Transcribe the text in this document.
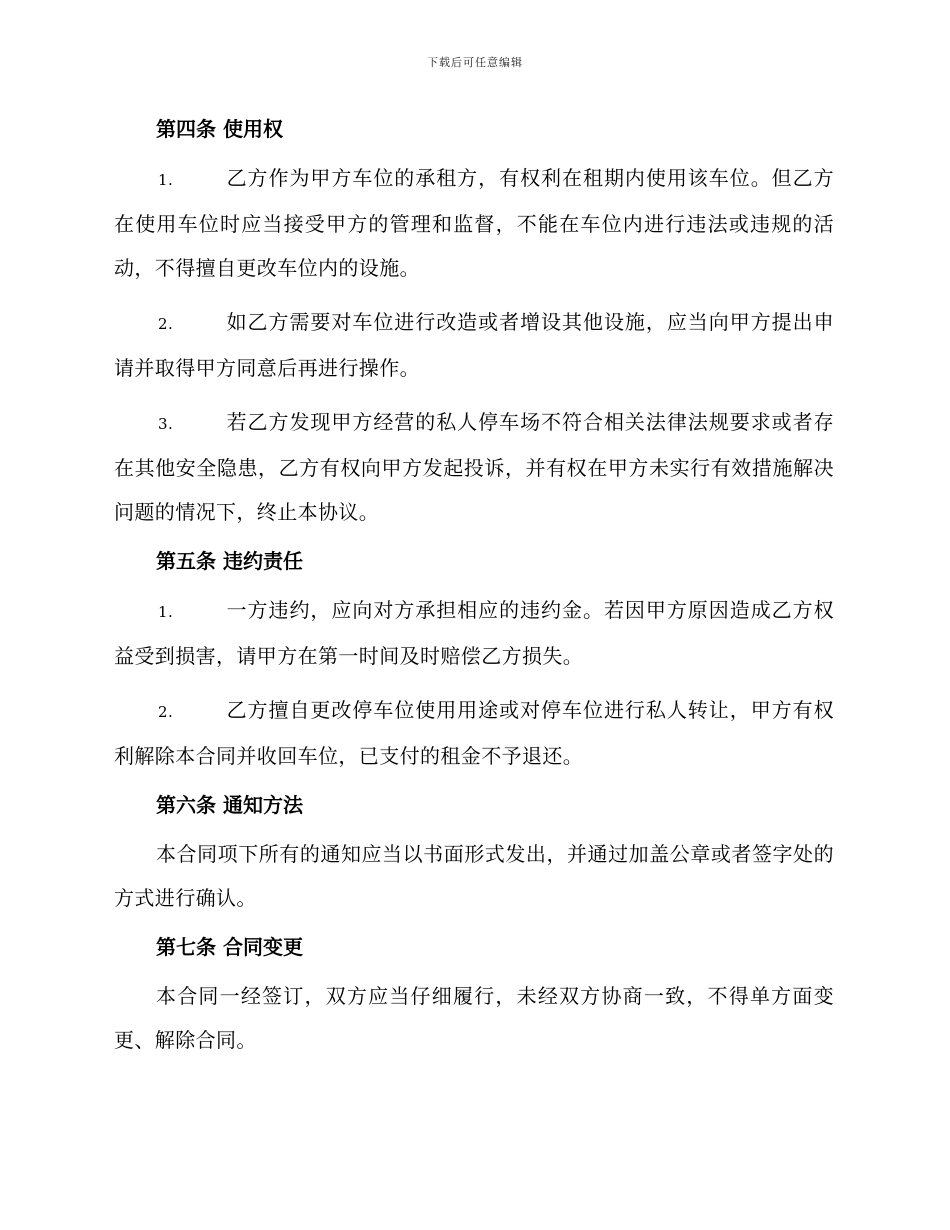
下载后可任意编辑
第四条 使用权
1.	乙方作为甲方车位的承租方，有权利在租期内使用该车位。但乙方在使用车位时应当接受甲方的管理和监督，不能在车位内进行违法或违规的活动，不得擅自更改车位内的设施。
2.	如乙方需要对车位进行改造或者增设其他设施，应当向甲方提出申请并取得甲方同意后再进行操作。
3.	若乙方发现甲方经营的私人停车场不符合相关法律法规要求或者存在其他安全隐患，乙方有权向甲方发起投诉，并有权在甲方未实行有效措施解决问题的情况下，终止本协议。
第五条 违约责任
1.	一方违约，应向对方承担相应的违约金。若因甲方原因造成乙方权益受到损害，请甲方在第一时间及时赔偿乙方损失。
2.	乙方擅自更改停车位使用用途或对停车位进行私人转让，甲方有权利解除本合同并收回车位，已支付的租金不予退还。
第六条 通知方法
本合同项下所有的通知应当以书面形式发出，并通过加盖公章或者签字处的方式进行确认。
第七条 合同变更
本合同一经签订，双方应当仔细履行，未经双方协商一致，不得单方面变更、解除合同。
